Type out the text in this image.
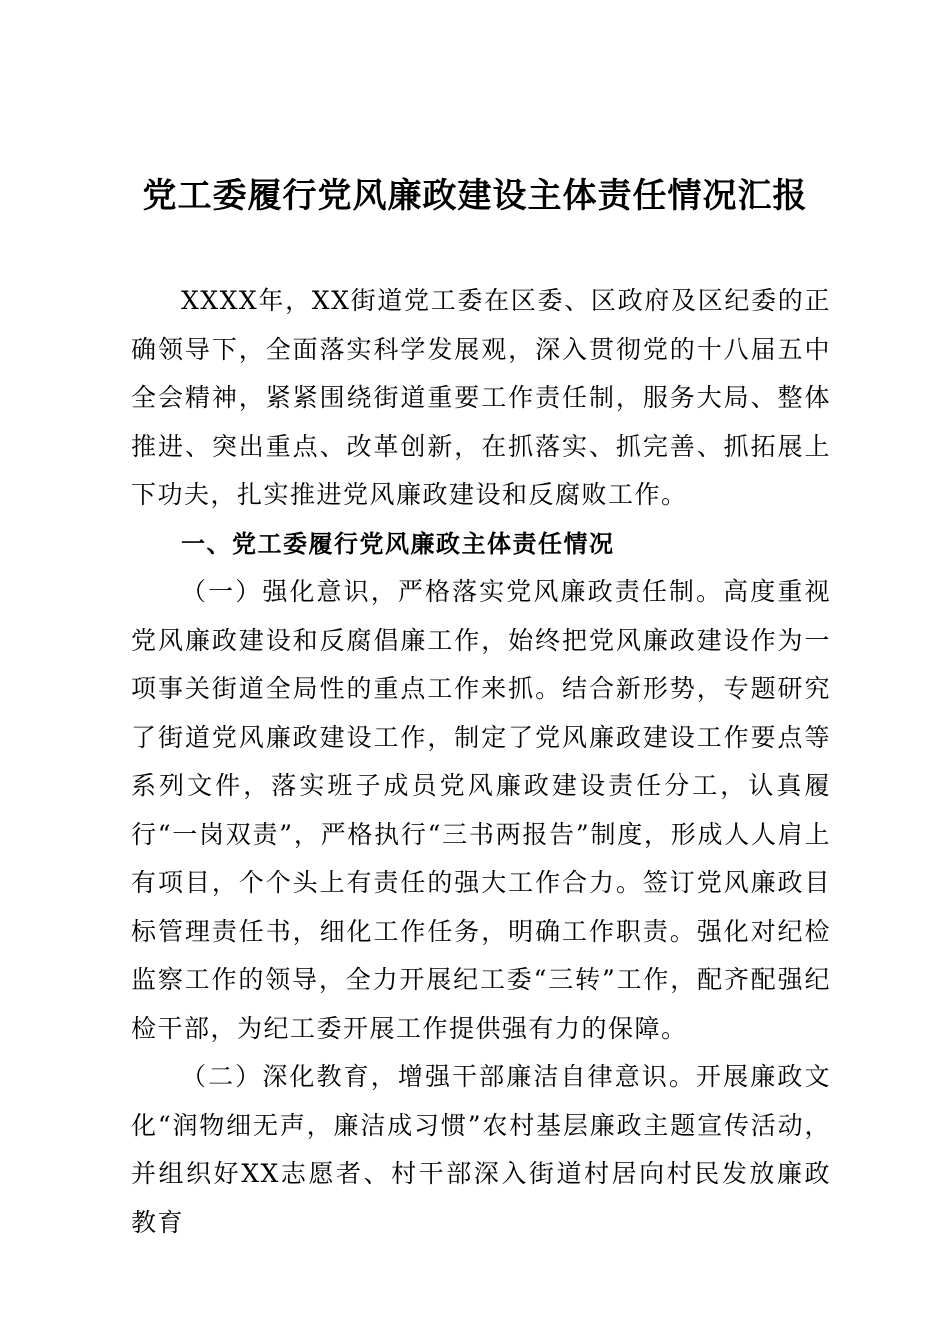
党工委履行党风廉政建设主体责任情况汇报

XXXX年，XX街道党工委在区委、区政府及区纪委的正确领导下，全面落实科学发展观，深入贯彻党的十八届五中全会精神，紧紧围绕街道重要工作责任制，服务大局、整体推进、突出重点、改革创新，在抓落实、抓完善、抓拓展上下功夫，扎实推进党风廉政建设和反腐败工作。

一、党工委履行党风廉政主体责任情况

（一）强化意识，严格落实党风廉政责任制。高度重视党风廉政建设和反腐倡廉工作，始终把党风廉政建设作为一项事关街道全局性的重点工作来抓。结合新形势，专题研究了街道党风廉政建设工作，制定了党风廉政建设工作要点等系列文件，落实班子成员党风廉政建设责任分工，认真履行“一岗双责”，严格执行“三书两报告”制度，形成人人肩上有项目，个个头上有责任的强大工作合力。签订党风廉政目标管理责任书，细化工作任务，明确工作职责。强化对纪检监察工作的领导，全力开展纪工委“三转”工作，配齐配强纪检干部，为纪工委开展工作提供强有力的保障。

（二）深化教育，增强干部廉洁自律意识。开展廉政文化“润物细无声，廉洁成习惯”农村基层廉政主题宣传活动，并组织好XX志愿者、村干部深入街道村居向村民发放廉政教育
